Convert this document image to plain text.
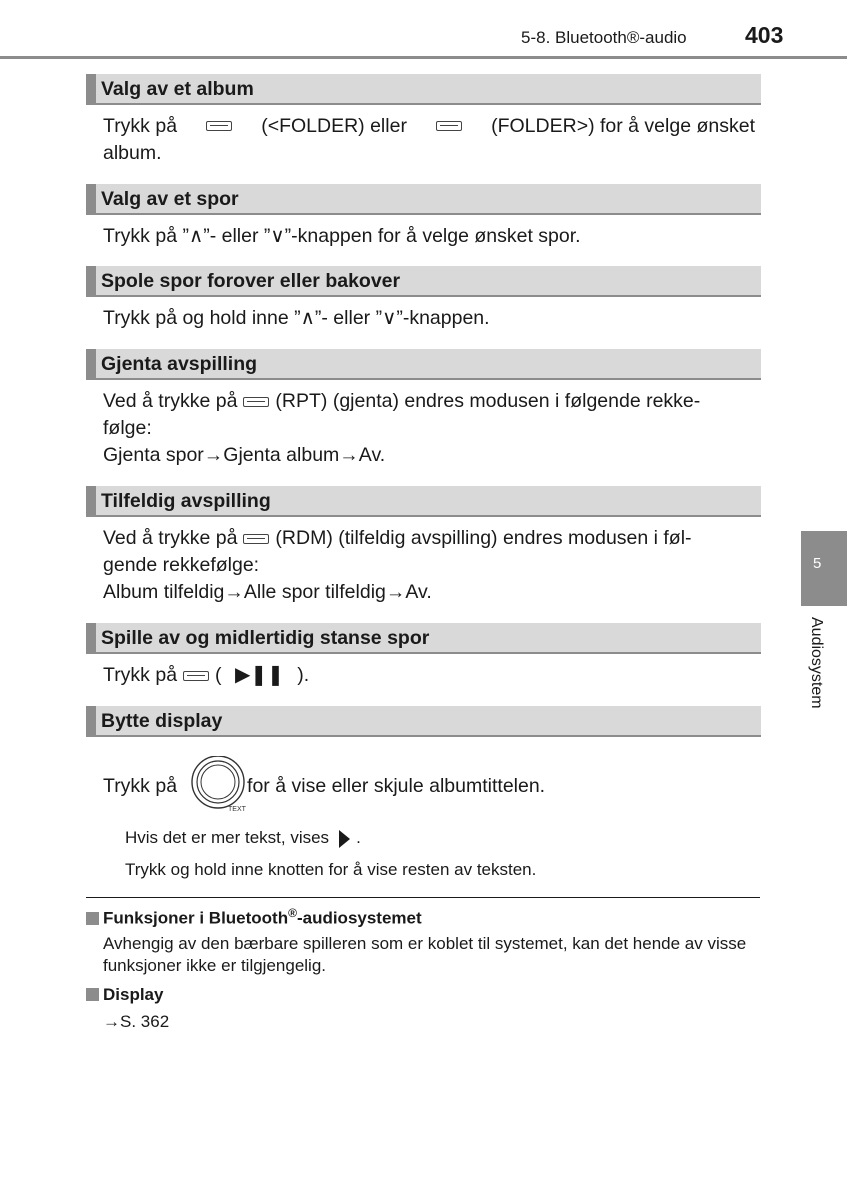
5-8. Bluetooth®-audio	403
Valg av et album
Trykk på	(<FOLDER) eller	(FOLDER>) for å velge ønsket
album.
Valg av et spor
Trykk på ”∧”- eller ”∨”-knappen for å velge ønsket spor.
Spole spor forover eller bakover
Trykk på og hold inne ”∧”- eller ”∨”-knappen.
Gjenta avspilling
Ved å trykke på (RPT) (gjenta) endres modusen i følgende rekke-
følge:
Gjenta spor→Gjenta album→Av.
Tilfeldig avspilling
Ved å trykke på (RDM) (tilfeldig avspilling) endres modusen i føl-
gende rekkefølge:
Album tilfeldig→Alle spor tilfeldig→Av.
Spille av og midlertidig stanse spor
Trykk på ( ▶❚❚ ).
Bytte display
Trykk på	for å vise eller skjule albumtittelen.
TEXT
Hvis det er mer tekst, vises .
Trykk og hold inne knotten for å vise resten av teksten.
Funksjoner i Bluetooth®-audiosystemet
Avhengig av den bærbare spilleren som er koblet til systemet, kan det hende av visse funksjoner ikke er tilgjengelig.
Display
→S. 362
5
Audiosystem
